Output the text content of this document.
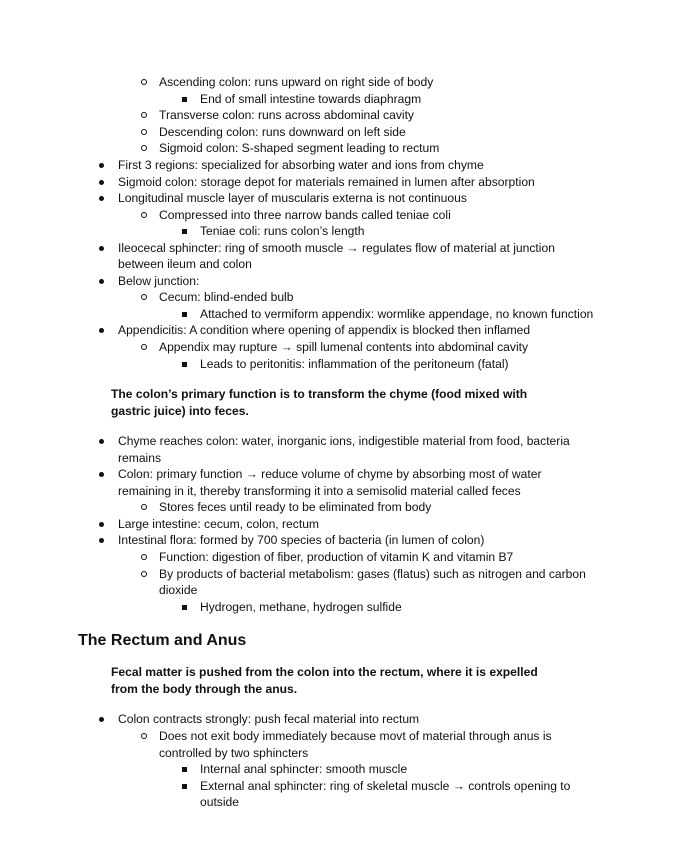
Ascending colon: runs upward on right side of body
End of small intestine towards diaphragm
Transverse colon: runs across abdominal cavity
Descending colon: runs downward on left side
Sigmoid colon: S-shaped segment leading to rectum
First 3 regions: specialized for absorbing water and ions from chyme
Sigmoid colon: storage depot for materials remained in lumen after absorption
Longitudinal muscle layer of muscularis externa is not continuous
Compressed into three narrow bands called teniae coli
Teniae coli: runs colon’s length
Ileocecal sphincter: ring of smooth muscle → regulates flow of material at junction
between ileum and colon
Below junction:
Cecum: blind-ended bulb
Attached to vermiform appendix: wormlike appendage, no known function
Appendicitis: A condition where opening of appendix is blocked then inflamed
Appendix may rupture → spill lumenal contents into abdominal cavity
Leads to peritonitis: inflammation of the peritoneum (fatal)
The colon’s primary function is to transform the chyme (food mixed with
gastric juice) into feces.
Chyme reaches colon: water, inorganic ions, indigestible material from food, bacteria
remains
Colon: primary function → reduce volume of chyme by absorbing most of water
remaining in it, thereby transforming it into a semisolid material called feces
Stores feces until ready to be eliminated from body
Large intestine: cecum, colon, rectum
Intestinal flora: formed by 700 species of bacteria (in lumen of colon)
Function: digestion of fiber, production of vitamin K and vitamin B7
By products of bacterial metabolism: gases (flatus) such as nitrogen and carbon
dioxide
Hydrogen, methane, hydrogen sulfide
The Rectum and Anus
Fecal matter is pushed from the colon into the rectum, where it is expelled
from the body through the anus.
Colon contracts strongly: push fecal material into rectum
Does not exit body immediately because movt of material through anus is
controlled by two sphincters
Internal anal sphincter: smooth muscle
External anal sphincter: ring of skeletal muscle → controls opening to
outside
